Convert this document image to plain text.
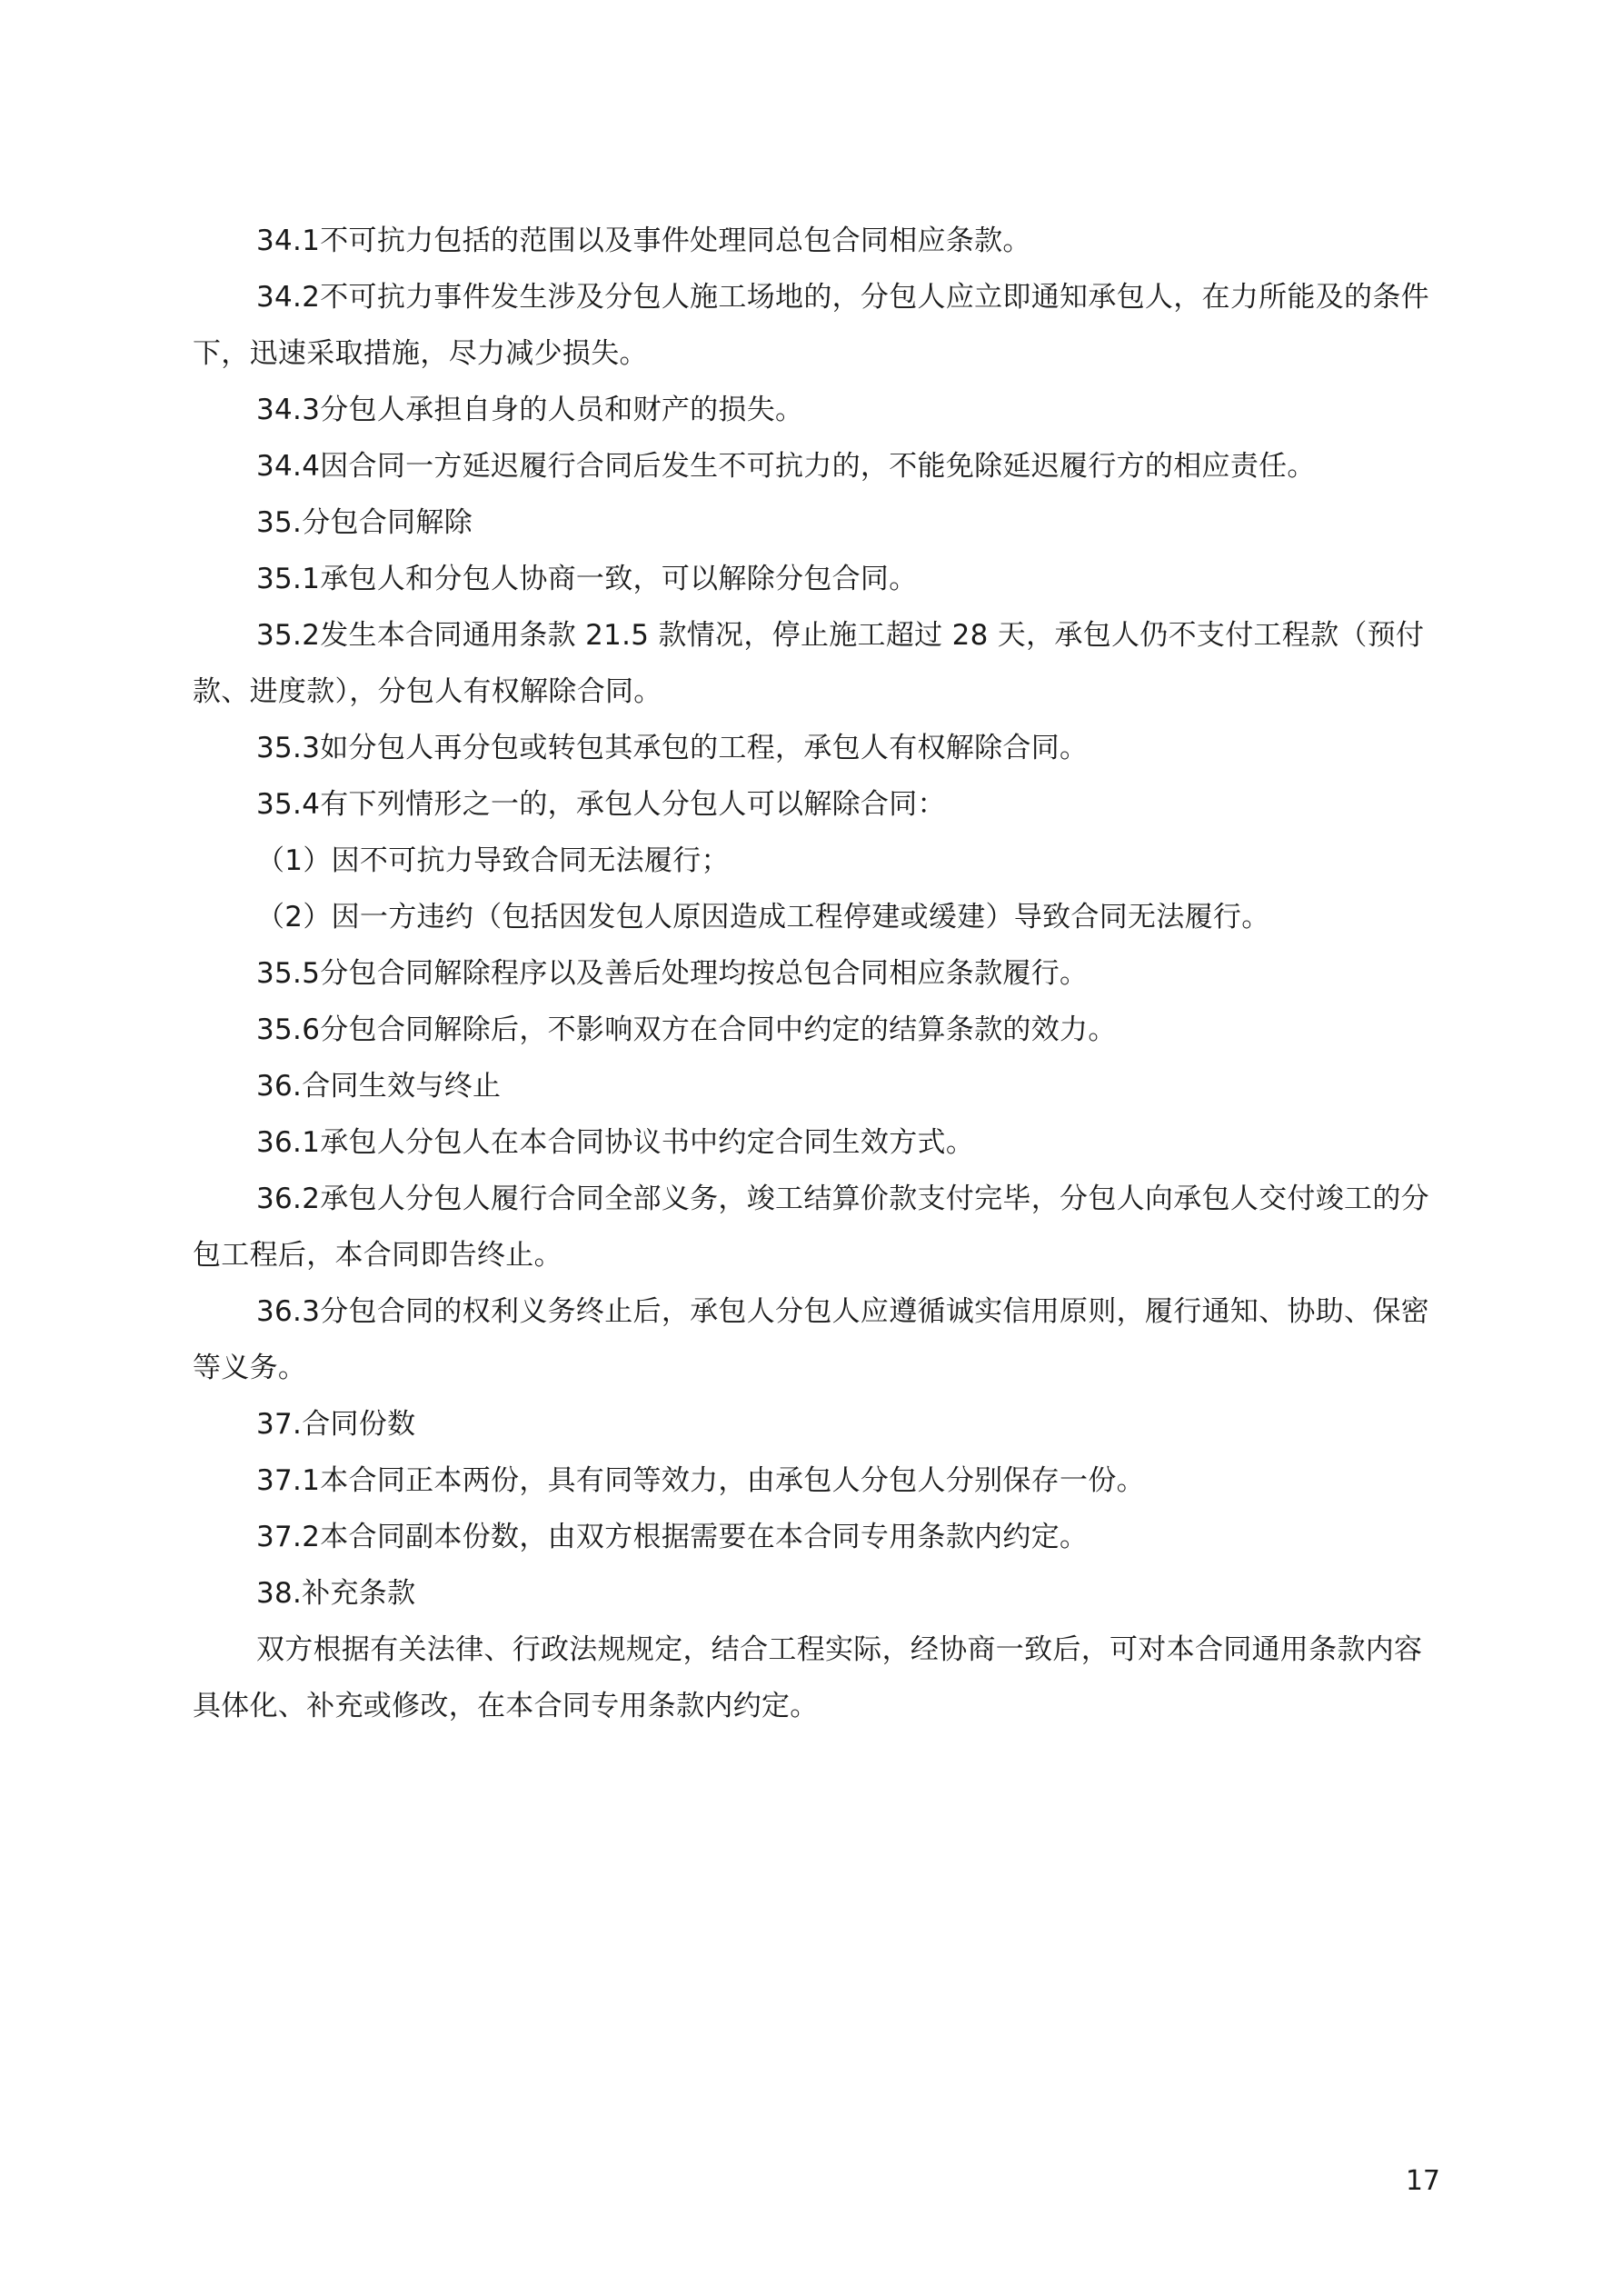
34.1不可抗力包括的范围以及事件处理同总包合同相应条款。

34.2不可抗力事件发生涉及分包人施工场地的，分包人应立即通知承包人，在力所能及的条件下，迅速采取措施，尽力减少损失。

34.3分包人承担自身的人员和财产的损失。

34.4因合同一方延迟履行合同后发生不可抗力的，不能免除延迟履行方的相应责任。

35.分包合同解除

35.1承包人和分包人协商一致，可以解除分包合同。

35.2发生本合同通用条款 21.5 款情况，停止施工超过 28 天，承包人仍不支付工程款（预付款、进度款），分包人有权解除合同。

35.3如分包人再分包或转包其承包的工程，承包人有权解除合同。

35.4有下列情形之一的，承包人分包人可以解除合同：

（1）因不可抗力导致合同无法履行；

（2）因一方违约（包括因发包人原因造成工程停建或缓建）导致合同无法履行。

35.5分包合同解除程序以及善后处理均按总包合同相应条款履行。

35.6分包合同解除后，不影响双方在合同中约定的结算条款的效力。

36.合同生效与终止

36.1承包人分包人在本合同协议书中约定合同生效方式。

36.2承包人分包人履行合同全部义务，竣工结算价款支付完毕，分包人向承包人交付竣工的分包工程后，本合同即告终止。

36.3分包合同的权利义务终止后，承包人分包人应遵循诚实信用原则，履行通知、协助、保密等义务。

37.合同份数

37.1本合同正本两份，具有同等效力，由承包人分包人分别保存一份。

37.2本合同副本份数，由双方根据需要在本合同专用条款内约定。

38.补充条款

双方根据有关法律、行政法规规定，结合工程实际，经协商一致后，可对本合同通用条款内容具体化、补充或修改，在本合同专用条款内约定。

17
